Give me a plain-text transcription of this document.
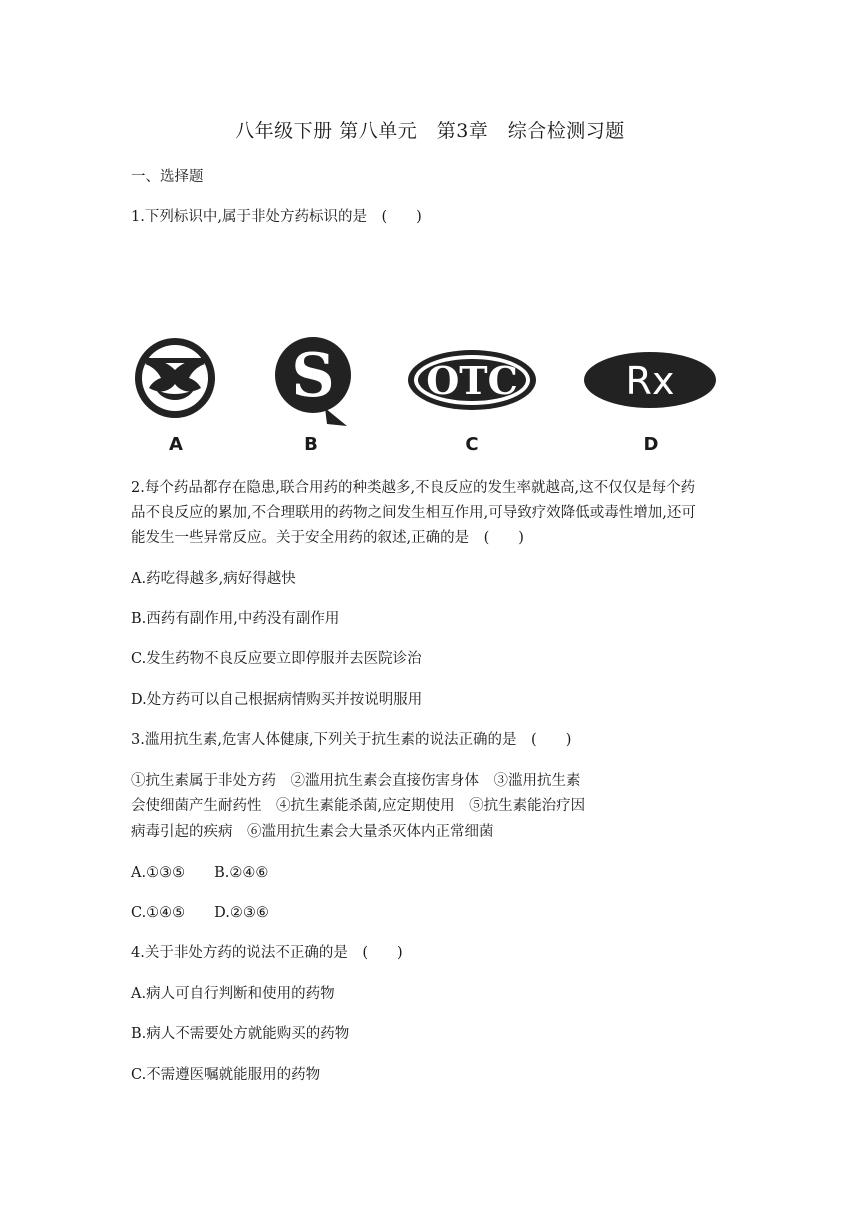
八年级下册 第八单元　第3章　综合检测习题
一、选择题
1.下列标识中,属于非处方药标识的是　(　　)
A
S
B
OTC
C
Rx
D
2.每个药品都存在隐患,联合用药的种类越多,不良反应的发生率就越高,这不仅仅是每个药
品不良反应的累加,不合理联用的药物之间发生相互作用,可导致疗效降低或毒性增加,还可
能发生一些异常反应。关于安全用药的叙述,正确的是　(　　)
A.药吃得越多,病好得越快
B.西药有副作用,中药没有副作用
C.发生药物不良反应要立即停服并去医院诊治
D.处方药可以自己根据病情购买并按说明服用
3.滥用抗生素,危害人体健康,下列关于抗生素的说法正确的是　(　　)
①抗生素属于非处方药　②滥用抗生素会直接伤害身体　③滥用抗生素
会使细菌产生耐药性　④抗生素能杀菌,应定期使用　⑤抗生素能治疗因
病毒引起的疾病　⑥滥用抗生素会大量杀灭体内正常细菌
A.①③⑤　　B.②④⑥
C.①④⑤　　D.②③⑥
4.关于非处方药的说法不正确的是　(　　)
A.病人可自行判断和使用的药物
B.病人不需要处方就能购买的药物
C.不需遵医嘱就能服用的药物
